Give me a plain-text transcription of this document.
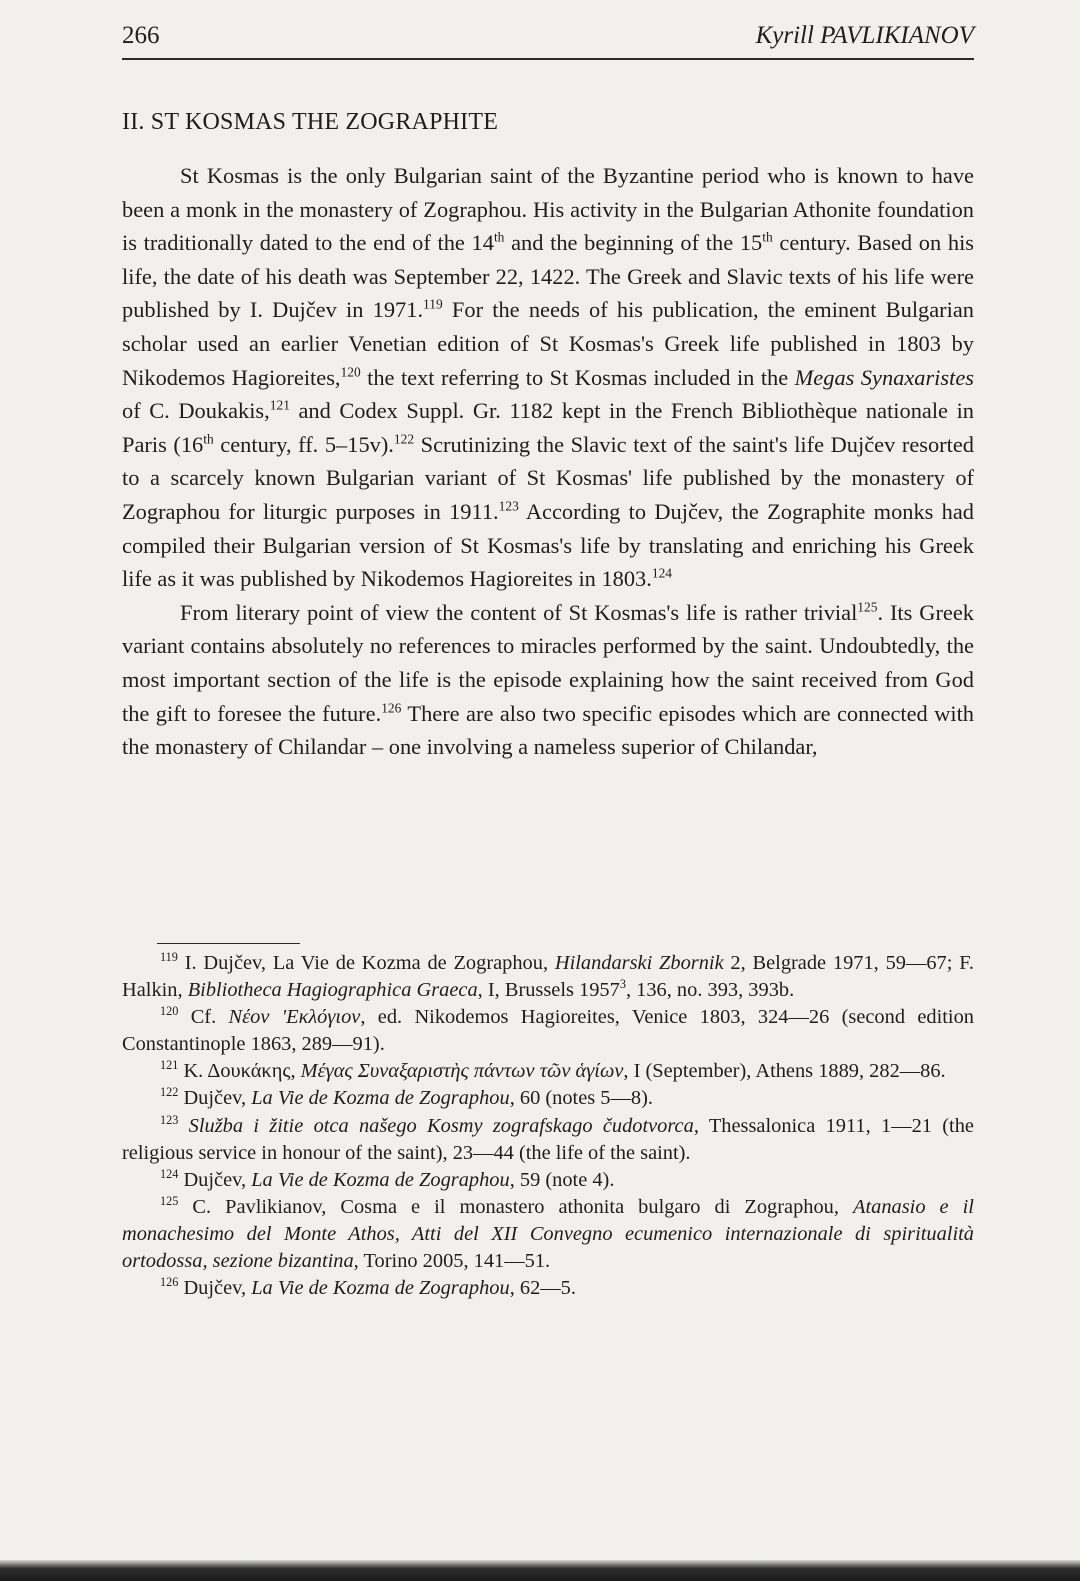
266	Kyrill PAVLIKIANOV
II. ST KOSMAS THE ZOGRAPHITE

St Kosmas is the only Bulgarian saint of the Byzantine period who is known to have been a monk in the monastery of Zographou. His activity in the Bulgarian Athonite foundation is traditionally dated to the end of the 14th and the beginning of the 15th century. Based on his life, the date of his death was September 22, 1422. The Greek and Slavic texts of his life were published by I. Dujčev in 1971.$^{119}$ For the needs of his publication, the eminent Bulgarian scholar used an earlier Venetian edition of St Kosmas's Greek life published in 1803 by Nikodemos Hagioreites,$^{120}$ the text referring to St Kosmas included in the Megas Synaxaristes of C. Doukakis,$^{121}$ and Codex Suppl. Gr. 1182 kept in the French Bibliothèque nationale in Paris (16th century, ff. 5–15v).$^{122}$ Scrutinizing the Slavic text of the saint's life Dujčev resorted to a scarcely known Bulgarian variant of St Kosmas' life published by the monastery of Zographou for liturgic purposes in 1911.$^{123}$ According to Dujčev, the Zographite monks had compiled their Bulgarian version of St Kosmas's life by translating and enriching his Greek life as it was published by Nikodemos Hagioreites in 1803.$^{124}$

From literary point of view the content of St Kosmas's life is rather trivial$^{125}$. Its Greek variant contains absolutely no references to miracles performed by the saint. Undoubtedly, the most important section of the life is the episode explaining how the saint received from God the gift to foresee the future.$^{126}$ There are also two specific episodes which are connected with the monastery of Chilandar – one involving a nameless superior of Chilandar,

$^{119}$ I. Dujčev, La Vie de Kozma de Zographou, Hilandarski Zbornik 2, Belgrade 1971, 59—67; F. Halkin, Bibliotheca Hagiographica Graeca, I, Brussels 1957$^3$, 136, no. 393, 393b.

$^{120}$ Cf. Νέον 'Εκλόγιον, ed. Nikodemos Hagioreites, Venice 1803, 324—26 (second edition Constantinople 1863, 289—91).

$^{121}$ Κ. Δουκάκης, Μέγας Συναξαριστὴς πάντων τῶν ἁγίων, I (September), Athens 1889, 282—86.

$^{122}$ Dujčev, La Vie de Kozma de Zographou, 60 (notes 5—8).

$^{123}$ Služba i žitie otca našego Kosmy zografskago čudotvorca, Thessalonica 1911, 1—21 (the religious service in honour of the saint), 23—44 (the life of the saint).

$^{124}$ Dujčev, La Vie de Kozma de Zographou, 59 (note 4).

$^{125}$ C. Pavlikianov, Cosma e il monastero athonita bulgaro di Zographou, Atanasio e il monachesimo del Monte Athos, Atti del XII Convegno ecumenico internazionale di spiritualità ortodossa, sezione bizantina, Torino 2005, 141—51.

$^{126}$ Dujčev, La Vie de Kozma de Zographou, 62—5.
